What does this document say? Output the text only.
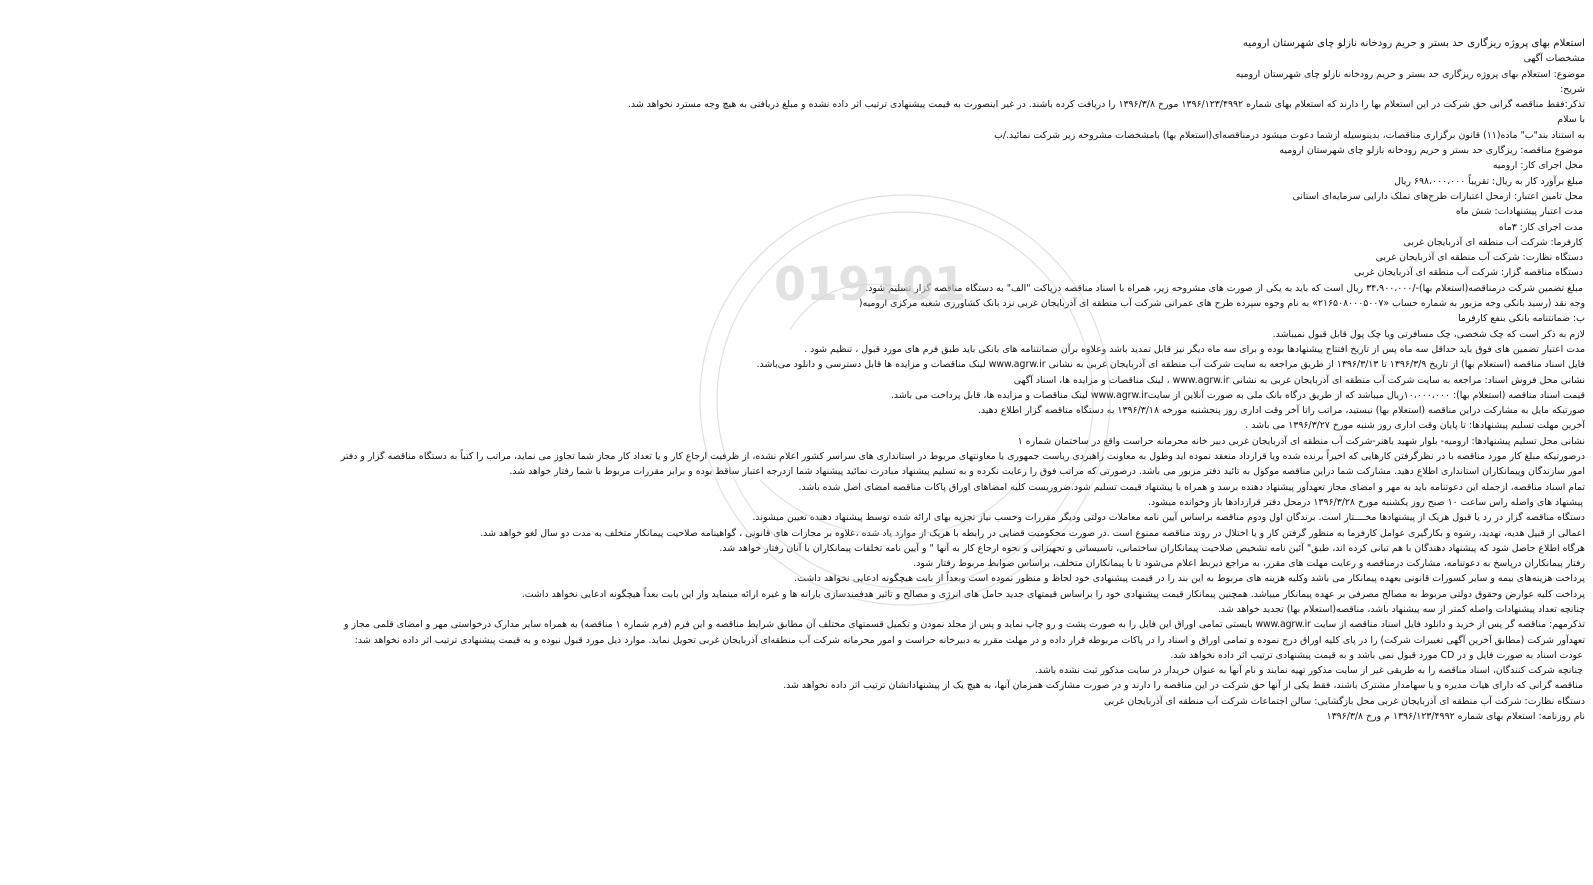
استعلام بهای پروژه ریزگاری حد بستر و حریم رودخانه نازلو چای شهرستان ارومیه
مشخصات آگهی
موضوع: استعلام بهای پروژه ریزگاری حد بستر و حریم رودخانه نازلو چای شهرستان ارومیه
شریح:
تذکر:فقط مناقصه گرانی حق شرکت در این استعلام بها را دارند که استعلام بهای شماره ۱۳۹۶/۱۲۳/۴۹۹۲ مورخ ۱۳۹۶/۳/۸ را دریافت کرده باشند. در غیر اینصورت به قیمت پیشنهادی ترتیب اثر داده نشده و مبلغ دریافتی به هیچ وجه مسترد نخواهد شد.
با سلام
به استناد بند"ب" ماده(۱۱) قانون برگزاری مناقصات، بدینوسیله ازشما دعوت میشود درمناقصه‌ای(استعلام بها) بامشخصات مشروحه زیر شرکت نمائید./ب
موضوع مناقصه: ریزگاری حد بستر و حریم رودخانه نازلو چای شهرستان ارومیه
محل اجرای کار: ارومیه
مبلغ برآورد کار به ریال: تقریباً ۶۹۸،۰۰۰،۰۰۰ ریال
محل تامین اعتبار: ازمحل اعتبارات طرح‌های تملک دارایی سرمایه‌ای استانی
مدت اعتبار پیشنهادات: شش ماه
مدت اجرای کار: ۳ماه
کارفرما: شرکت آب منطقه ای آذربایجان غربی
دستگاه نظارت: شرکت آب منطقه ای آذربایجان غربی
دستگاه مناقصه گزار: شرکت آب منطقه ای آذربایجان غربی
مبلغ تضمین شرکت درمناقصه(استعلام بها)-/۳۴،۹۰۰،۰۰۰ ریال است که باید به یکی از صورت های مشروحه زیر، همراه با اسناد مناقصه درپاکت "الف" به دستگاه مناقصه گزار تسلیم شود.
وجه نقد (رسید بانکی وجه مزبور به شماره حساب «۲۱۶۵۰۸۰۰۰۵۰۰۷» به نام وجوه سپرده طرح های عمرانی شرکت آب منطقه ای آذربایجان غربی نزد بانک کشاورزی شعبه مرکزی ارومیه(
ب: ضمانتنامه بانکی بنفع کارفرما
لازم به ذکر است که چک شخصی، چک مسافرتی ویا چک پول قابل قبول نمیباشد.
مدت اعتبار تضمین های فوق باید حداقل سه ماه پس از تاریخ افتتاح پیشنهادها بوده و برای سه ماه دیگر نیز قابل تمدید باشد وعلاوه برآن ضمانتنامه های بانکی باید طبق فرم های مورد قبول ، تنظیم شود .
فایل اسناد مناقصه (استعلام بها) از تاریخ ۱۳۹۶/۳/۹ تا ۱۳۹۶/۳/۱۳ از طریق مراجعه به سایت شرکت آب منطقه ای آذربایجان غربی به نشانی www.agrw.ir لینک مناقصات و مزایده ها قابل دسترسی و دانلود می‌باشد.
نشانی محل فروش اسناد: مراجعه به سایت شرکت آب منطقه ای آذربایجان غربی به نشانی www.agrw.ir ، لینک مناقصات و مزایده ها، اسناد آگهی
قیمت اسناد مناقصه (استعلام بها): ۱۰،۰۰۰،۰۰۰ریال میباشد که از طریق درگاه بانک ملی به صورت آنلاین از سایتwww.agrw.ir لینک مناقصات و مزایده ها، قابل پرداخت می باشد.
صورتیکه مایل به مشارکت دراین مناقصه (استعلام بها) نیستید، مراتب راتا آخر وقت اداری روز پنجشنبه مورخه ۱۳۹۶/۳/۱۸ به دستگاه مناقصه گزار اطلاع دهید.
آخرین مهلت تسلیم پیشنهادها: تا پایان وقت اداری روز شنبه مورخ ۱۳۹۶/۳/۲۷ می باشد .
نشانی محل تسلیم پیشنهادها: ارومیه- بلوار شهید باهنر-شرکت آب منطقه ای آذربایجان غربی دبیر خانه محرمانه حراست واقع در ساختمان شماره ۱
درصورتیکه مبلغ کار مورد مناقصه با در نظرگرفتن کارهایی که اخیراً برنده شده ویا قرارداد منعقد نموده اید وطول به معاونت راهبردی ریاست جمهوری یا معاونتهای مربوط در استانداری های سراسر کشور اعلام نشده، از ظرفیت ارجاع کار و یا تعداد کار مجاز شما تجاوز می نماید، مراتب را کتباً به دستگاه مناقصه گزار و دفتر
امور سازندگان وپیمانکاران استانداری اطلاع دهید. مشارکت شما دراین مناقصه موکول به تائید دفتر مزبور می باشد. درصورتی که مراتب فوق را رعایت نکرده و به تسلیم پیشنهاد مبادرت نمائید پیشنهاد شما ازدرجه اعتبار ساقط بوده و برابر مقررات مربوط با شما رفتار خواهد شد.
تمام اسناد مناقصه، ازجمله این دعوتنامه باید به مهر و امضای مجاز تعهدآور پیشنهاد دهنده برسد و همراه با پیشنهاد قیمت تسلیم شود.ضروریست کلیه امضاهای اوراق پاکات مناقصه امضای اصل شده باشد.
پیشنهاد های واصله راس ساعت ۱۰ صبح روز یکشنبه مورخ ۱۳۹۶/۳/۲۸ درمحل دفتر قراردادها باز وخوانده میشود.
دستگاه مناقصه گزار در رد یا قبول هریک از پیشنهادها مخــــتار است. برندگان اول ودوم مناقصه براساس آیین نامه معاملات دولتی ودیگر مقررات وحسب نیاز تجزیه بهای ارائه شده توسط پیشنهاد دهنده تعیین میشوند.
اعمالی از قبیل هدیه، تهدید، رشوه و بکارگیری عوامل کارفرما به منظور گرفتن کار و یا اختلال در روند مناقصه ممنوع است .در صورت محکومیت قضایی در رابطه با هریک از موارد یاد شده ،علاوه بر مجازات های قانونی ، گواهینامه صلاحیت پیمانکار متخلف به مدت دو سال لغو خواهد شد.
هرگاه اطلاع حاصل شود که پیشنهاد دهندگان با هم تبانی کرده اند، طبق" آئین نامه تشخیص صلاحیت پیمانکاران ساختمانی، تاسیساتی و تجهیزاتی و نحوه ارجاع کار به آنها " و آیین نامه تخلفات پیمانکاران با آنان رفتار خواهد شد.
رفتار پیمانکاران درپاسخ به دعوتنامه، مشارکت درمناقصه و رعایت مهلت های مقرر، به مراجع ذیربط اعلام می‌شود تا با پیمانکاران متخلف، براساس ضوابط مربوط رفتار شود.
پرداخت هزینه‌های بیمه و سایر کسورات قانونی بعهده پیمانکار می باشد وکلیه هزینه های مربوط به این بند را در قیمت پیشنهادی خود لحاظ و منظور نموده است وبعداً از بابت هیچگونه ادعایی نخواهد داشت.
پرداخت کلیه عوارض وحقوق دولتی مربوط به مصالح مصرفی بر عهده پیمانکار میباشد. همچنین پیمانکار قیمت پیشنهادی خود را براساس قیمتهای جدید حامل های انرژی و مصالح و تاثیر هدفمندسازی یارانه ها و غیره ارائه مینماید واز این بابت بعداً هیچگونه ادعایی نخواهد داشت.
چنانچه تعداد پیشنهادات واصله کمتر از سه پیشنهاد باشد، مناقصه(استعلام بها) تجدید خواهد شد.
تذکرمهم: مناقصه گر پس از خرید و دانلود فایل اسناد مناقصه از سایت www.agrw.ir بایستی تمامی اوراق این فایل را به صورت پشت و رو چاپ نماید و پس از مجلد نمودن و تکمیل قسمتهای مختلف آن مطابق شرایط مناقصه و این فرم (فرم شماره ۱ مناقصه) به همراه سایر مدارک درخواستی مهر و امضای قلمی مجاز و
تعهدآور شرکت (مطابق آخرین آگهی تغییرات شرکت) را در پای کلیه اوراق درج نموده و تمامی اوراق و اسناد را در پاکات مربوطه قرار داده و در مهلت مقرر به دبیرخانه حراست و امور محرمانه شرکت آب منطقه‌ای آذربایجان غربی تحویل نماید. موارد ذیل مورد قبول نبوده و به قیمت پیشنهادی ترتیب اثر داده نخواهد شد:
عودت اسناد به صورت فایل و در CD مورد قبول نمی باشد و به قیمت پیشنهادی ترتیب اثر داده نخواهد شد.
چنانچه شرکت کنندگان، اسناد مناقصه را به طریقی غیر از سایت مذکور تهیه نمایند و نام آنها به عنوان خریدار در سایت مذکور ثبت نشده باشد.
مناقصه گرانی که دارای هیات مدیره و یا سهامدار مشترک باشند، فقط یکی از آنها حق شرکت در این مناقصه را دارند و در صورت مشارکت همزمان آنها، به هیچ یک از پیشنهاداتشان ترتیب اثر داده نخواهد شد.
دستگاه نظارت: شرکت آب منطقه ای آذربایجان غربی محل بازگشایی: سالن اجتماعات شرکت آب منطقه ای آذربایجان غربی
نام روزنامه: استعلام بهای شماره ۱۳۹۶/۱۲۳/۴۹۹۲ م ورخ ۱۳۹۶/۳/۸
019101
